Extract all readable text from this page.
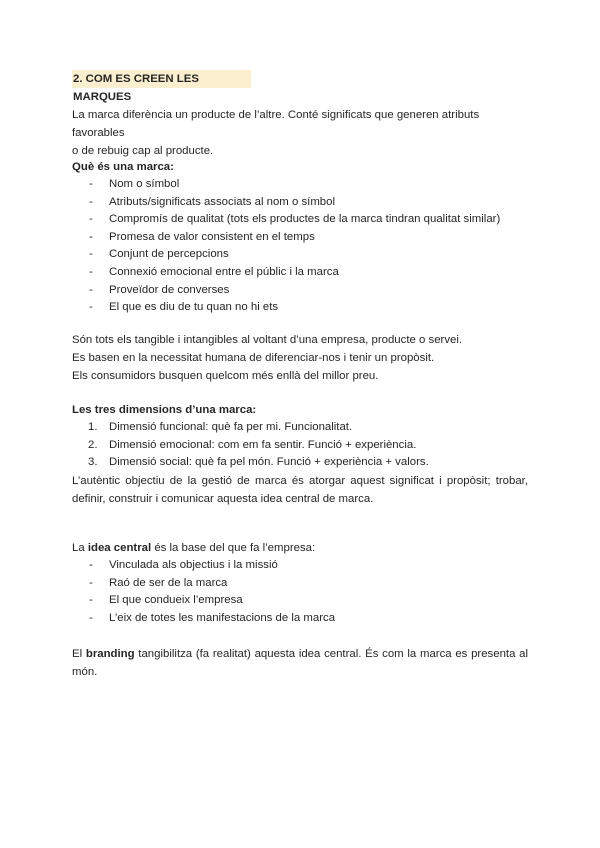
2. COM ES CREEN LES MARQUES

La marca diferència un producte de l’altre. Conté significats que generen atributs favorables

o de rebuig cap al producte.

Què és una marca:

- Nom o símbol
- Atributs/significats associats al nom o símbol
- Compromís de qualitat (tots els productes de la marca tindran qualitat similar)
- Promesa de valor consistent en el temps
- Conjunt de percepcions
- Connexió emocional entre el públic i la marca
- Proveïdor de converses
- El que es diu de tu quan no hi ets

Són tots els tangible i intangibles al voltant d’una empresa, producte o servei.

Es basen en la necessitat humana de diferenciar-nos i tenir un propòsit.

Els consumidors busquen quelcom més enllà del millor preu.

Les tres dimensions d’una marca:

1. Dimensió funcional: què fa per mi. Funcionalitat.
2. Dimensió emocional: com em fa sentir. Funció + experiència.
3. Dimensió social: què fa pel món. Funció + experiència + valors.

L’autèntic objectiu de la gestió de marca és atorgar aquest significat i propòsit; trobar, definir, construir i comunicar aquesta idea central de marca.

La idea central és la base del que fa l’empresa:

- Vinculada als objectius i la missió
- Raó de ser de la marca
- El que condueix l’empresa
- L’eix de totes les manifestacions de la marca

El branding tangibilitza (fa realitat) aquesta idea central. És com la marca es presenta al món.
